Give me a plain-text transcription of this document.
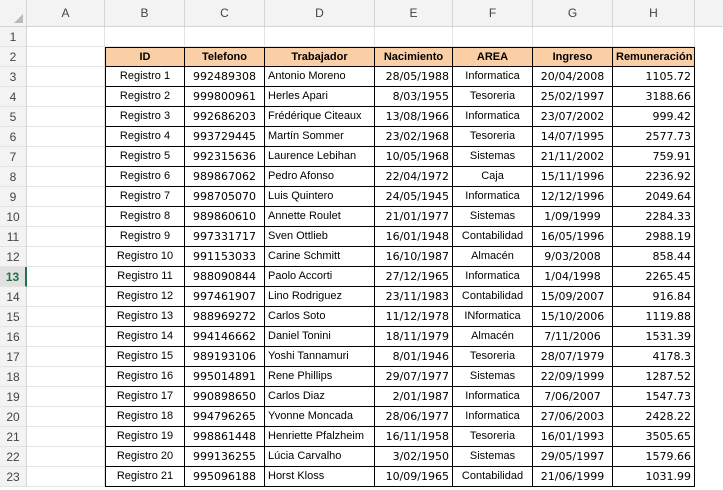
A	B	C	D	E	F	G	H
1
2	ID	Telefono	Trabajador	Nacimiento	AREA	Ingreso	Remuneración
3	Registro 1	992489308	Antonio Moreno	28/05/1988	Informatica	20/04/2008	1105.72
4	Registro 2	999800961	Herles Apari	8/03/1955	Tesoreria	25/02/1997	3188.66
5	Registro 3	992686203	Frédérique Citeaux	13/08/1966	Informatica	23/07/2002	999.42
6	Registro 4	993729445	Martín Sommer	23/02/1968	Tesoreria	14/07/1995	2577.73
7	Registro 5	992315636	Laurence Lebihan	10/05/1968	Sistemas	21/11/2002	759.91
8	Registro 6	989867062	Pedro Afonso	22/04/1972	Caja	15/11/1996	2236.92
9	Registro 7	998705070	Luis Quintero	24/05/1945	Informatica	12/12/1996	2049.64
10	Registro 8	989860610	Annette Roulet	21/01/1977	Sistemas	1/09/1999	2284.33
11	Registro 9	997331717	Sven Ottlieb	16/01/1948	Contabilidad	16/05/1996	2988.19
12	Registro 10	991153033	Carine Schmitt	16/10/1987	Almacén	9/03/2008	858.44
13	Registro 11	988090844	Paolo Accorti	27/12/1965	Informatica	1/04/1998	2265.45
14	Registro 12	997461907	Lino Rodriguez	23/11/1983	Contabilidad	15/09/2007	916.84
15	Registro 13	988969272	Carlos Soto	11/12/1978	INformatica	15/10/2006	1119.88
16	Registro 14	994146662	Daniel Tonini	18/11/1979	Almacén	7/11/2006	1531.39
17	Registro 15	989193106	Yoshi Tannamuri	8/01/1946	Tesoreria	28/07/1979	4178.3
18	Registro 16	995014891	Rene Phillips	29/07/1977	Sistemas	22/09/1999	1287.52
19	Registro 17	990898650	Carlos Diaz	2/01/1987	Informatica	7/06/2007	1547.73
20	Registro 18	994796265	Yvonne Moncada	28/06/1977	Informatica	27/06/2003	2428.22
21	Registro 19	998861448	Henriette Pfalzheim	16/11/1958	Tesoreria	16/01/1993	3505.65
22	Registro 20	999136255	Lúcia Carvalho	3/02/1950	Sistemas	29/05/1997	1579.66
23	Registro 21	995096188	Horst Kloss	10/09/1965	Contabilidad	21/06/1999	1031.99
